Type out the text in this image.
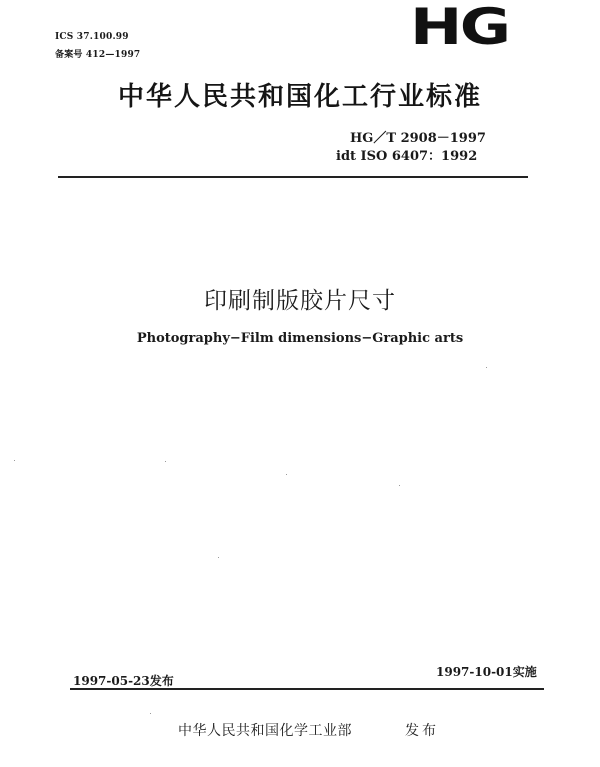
ICS 37.100.99
备案号 412—1997	HG
中华人民共和国化工行业标准
HG／T 2908－1997
idt ISO 6407：1992
印刷制版胶片尺寸
Photography−Film dimensions−Graphic arts
1997-05-23发布
1997-10-01实施
中华人民共和国化学工业部	发布
